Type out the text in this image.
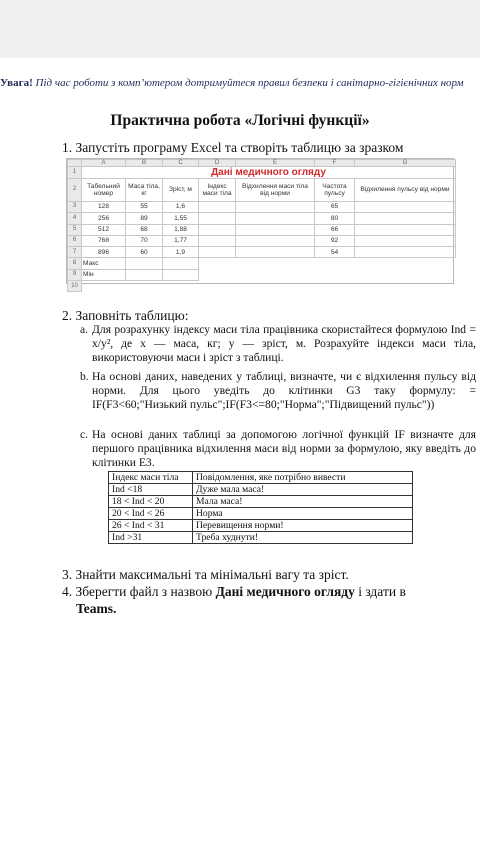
Увага! Під час роботи з комп’ютером дотримуйтеся правил безпеки і санітарно-гігієнічних норм
Практична робота «Логічні функції»
1. Запустіть програму Excel та створіть таблицю за зразком
	A	B	C	D	E	F	G
1	Дані медичного огляду						
2	Табельний номер	Маса тіла, кг	Зріст, м	Індекс маси тіла	Відхилення маси тіла від норми	Частота пульсу	Відхилення пульсу від норми
3	128	55	1,6			65	
4	256	89	1,55			80	
5	512	68	1,88			66	
6	768	70	1,77			92	
7	896	60	1,9			54	
8	Макс						
9	Мін						
10							
2. Заповніть таблицю:
a. Для розрахунку індексу маси тіла працівника скористайтеся формулою Ind = x/y², де x — маса, кг; y — зріст, м. Розрахуйте індекси маси тіла, використовуючи маси і зріст з таблиці.
b. На основі даних, наведених у таблиці, визначте, чи є відхилення пульсу від норми. Для цього уведіть до клітинки G3 таку формулу: = IF(F3<60;"Низький пульс";IF(F3<=80;"Норма";"Підвищений пульс"))
c. На основі даних таблиці за допомогою логічної функцій IF визначте для першого працівника відхилення маси від норми за формулою, яку введіть до клітинки E3.
Індекс маси тіла	Повідомлення, яке потрібно вивести
Ind <18	Дуже мала маса!
18 < Ind < 20	Мала маса!
20 < Ind < 26	Норма
26 < Ind < 31	Перевищення норми!
Ind >31	Треба худнути!
3. Знайти максимальні та мінімальні вагу та зріст.
4. Зберегти файл з назвою Дані медичного огляду і здати в
Teams.
